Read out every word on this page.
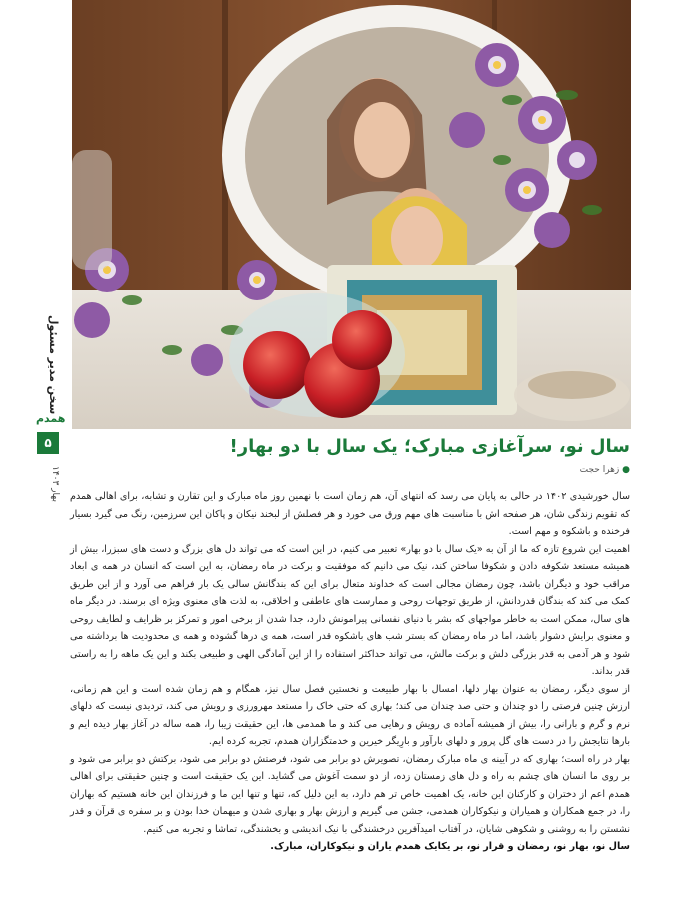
سخن مدیر مسئول
همدم
۵
بهار ۱۴۰۳
سال نو، سرآغازی مبارک؛ یک سال با دو بهار!
● زهرا حجت

سال خورشیدی ۱۴۰۲ در حالی به پایان می رسد که انتهای آن، هم زمان است با نهمین روز ماه مبارک و این تقارن و تشابه، برای اهالی همدم که تقویم زندگی شان، هر صفحه اش با مناسبت های مهم ورق می خورد و هر فصلش از لبخند نیکان و پاکان این سرزمین، رنگ می گیرد بسیار فرخنده و باشکوه و مهم است.

اهمیت این شروع تازه که ما از آن به «یک سال با دو بهار» تعبیر می کنیم، در این است که می تواند دل های بزرگ و دست های سبزرا، بیش از همیشه مستعد شکوفه دادن و شکوفا ساختن کند، نیک می دانیم که موفقیت و برکت در ماه رمضان، به این است که انسان در همه ی ابعاد مراقب خود و دیگران باشد، چون رمضان مجالی است که خداوند متعال برای این که بندگانش سالی یک بار فراهم می آورد و از این طریق کمک می کند که بندگان قدردانش، از طریق توجهات روحی و ممارست های عاطفی و اخلاقی، به لذت های معنوی ویژه ای برسند. در دیگر ماه های سال، ممکن است به خاطر مواجهای که بشر با دنیای نفسانی پیرامونش دارد، جدا شدن از برخی امور و تمرکز بر ظرایف و لطایف روحی و معنوی برایش دشوار باشد، اما در ماه رمضان که بستر شب های باشکوه قدر است، همه ی درها گشوده و همه ی محدودیت ها برداشته می شود و هر آدمی به قدر بزرگی دلش و برکت مالش، می تواند حداکثر استفاده را از این آمادگی الهی و طبیعی بکند و این یک ماهه را به راستی قدر بداند.

از سوی دیگر، رمضان به عنوان بهار دلها، امسال با بهار طبیعت و نخستین فصل سال نیز، همگام و هم زمان شده است و این هم زمانی، ارزش چنین فرصتی را دو چندان و حتی صد چندان می کند؛ بهاری که حتی خاک را مستعد مهرورزی و رویش می کند، تردیدی نیست که دلهای نرم و گرم و بارانی را، بیش از همیشه آماده ی رویش و رهایی می کند و ما همدمی ها، این حقیقت زیبا را، همه ساله در آغاز بهار دیده ایم و بارها نتایجش را در دست های گل پرور و دلهای بارآور و بارِیگر خیرین و خدمتگزاران همدم، تجربه کرده ایم.

بهار در راه است؛ بهاری که در آیینه ی ماه مبارک رمضان، تصویرش دو برابر می شود، فرصتش دو برابر می شود، برکتش دو برابر می شود و بر روی ما انسان های چشم به راه و دل های زمستان زده، از دو سمت آغوش می گشاید. این یک حقیقت است و چنین حقیقتی برای اهالی همدم اعم از دختران و کارکنان این خانه، یک اهمیت خاص تر هم دارد، به این دلیل که، تنها و تنها این ما و فرزندان این خانه هستیم که بهاران را، در جمع همکاران و همیاران و نیکوکاران همدمی، جشن می گیریم و ارزش بهار و بهاری شدن و میهمان خدا بودن و بر سفره ی قرآن و قدر نشستن را به روشنی و شکوهی شایان، در آفتاب امیدآفرین درخشندگی با نیک اندیشی و بخشندگی، تماشا و تجربه می کنیم.

سال نو، بهار نو، رمضان و قرار نو، بر یکایک همدم یاران و نیکوکاران، مبارک.
